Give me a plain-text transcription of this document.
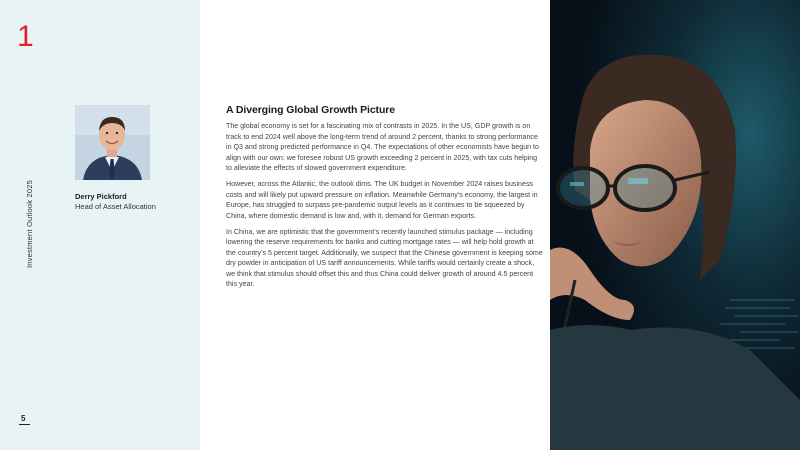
1
Investment Outlook 2025
5
Derry Pickford
Head of Asset Allocation
A Diverging Global Growth Picture

The global economy is set for a fascinating mix of contrasts in 2025. In the US, GDP growth is on track to end 2024 well above the long-term trend of around 2 percent, thanks to strong performance in Q3 and strong predicted performance in Q4. The expectations of other economists have begun to align with our own: we foresee robust US growth exceeding 2 percent in 2025, with tax cuts helping to alleviate the effects of slowed government expenditure.

However, across the Atlantic, the outlook dims. The UK budget in November 2024 raises business costs and will likely put upward pressure on inflation. Meanwhile Germany’s economy, the largest in Europe, has struggled to surpass pre-pandemic output levels as it continues to be squeezed by China, where domestic demand is low and, with it, demand for German exports.

In China, we are optimistic that the government’s recently launched stimulus package — including lowering the reserve requirements for banks and cutting mortgage rates — will help hold growth at the country’s 5 percent target. Additionally, we suspect that the Chinese government is keeping some dry powder in anticipation of US tariff announcements. While tariffs would certainly create a shock, we think that stimulus should offset this and thus China could deliver growth of around 4.5 percent this year.
